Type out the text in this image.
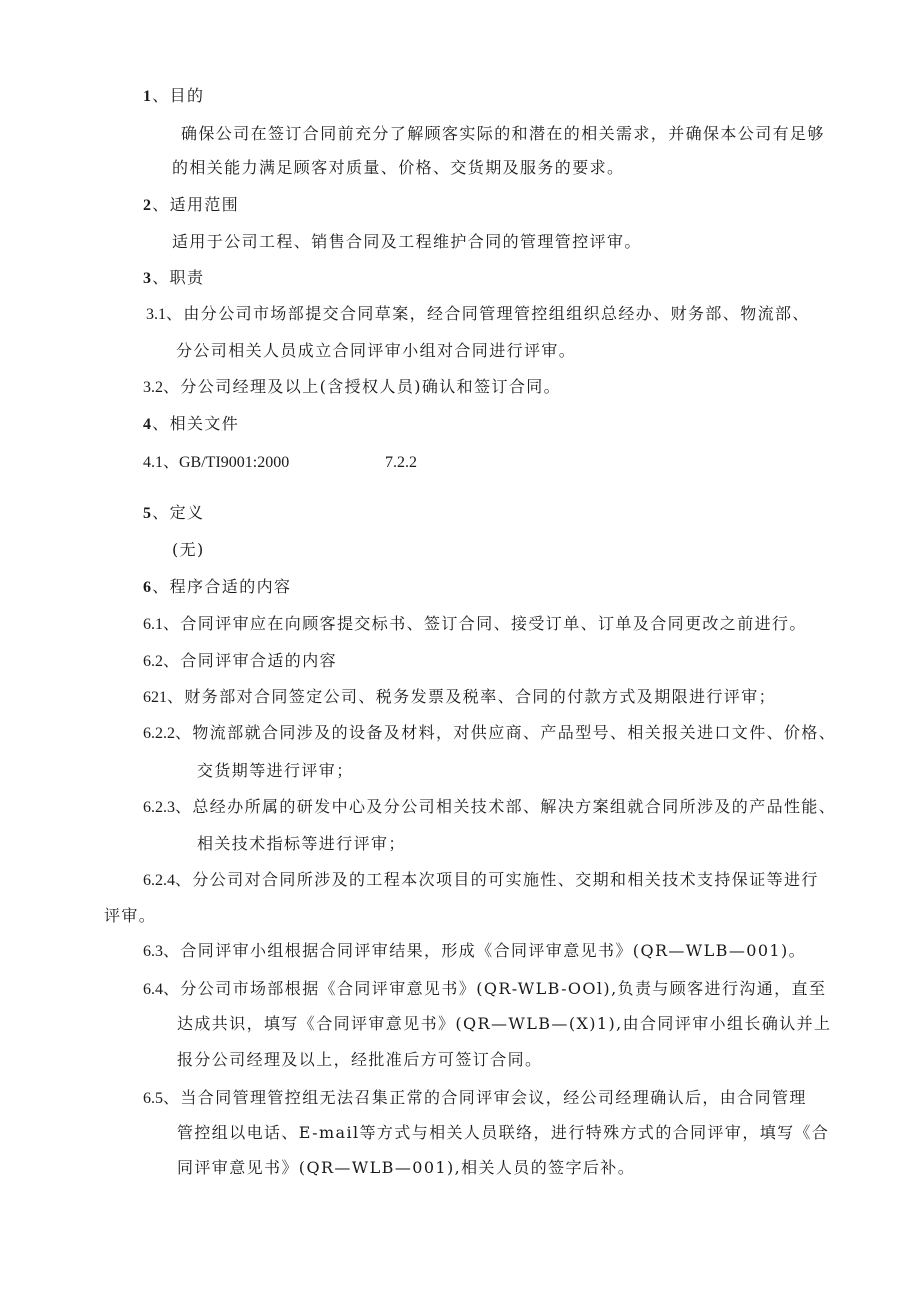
1、目的
确保公司在签订合同前充分了解顾客实际的和潜在的相关需求，并确保本公司有足够
的相关能力满足顾客对质量、价格、交货期及服务的要求。
2、适用范围
适用于公司工程、销售合同及工程维护合同的管理管控评审。
3、职责
3.1、由分公司市场部提交合同草案，经合同管理管控组组织总经办、财务部、物流部、
分公司相关人员成立合同评审小组对合同进行评审。
3.2、分公司经理及以上(含授权人员)确认和签订合同。
4、相关文件
4.1、GB/TI9001:2000	7.2.2
5、定义
(无)
6、程序合适的内容
6.1、合同评审应在向顾客提交标书、签订合同、接受订单、订单及合同更改之前进行。
6.2、合同评审合适的内容
621、财务部对合同签定公司、税务发票及税率、合同的付款方式及期限进行评审；
6.2.2、物流部就合同涉及的设备及材料，对供应商、产品型号、相关报关进口文件、价格、
交货期等进行评审；
6.2.3、总经办所属的研发中心及分公司相关技术部、解决方案组就合同所涉及的产品性能、
相关技术指标等进行评审；
6.2.4、分公司对合同所涉及的工程本次项目的可实施性、交期和相关技术支持保证等进行
评审。
6.3、合同评审小组根据合同评审结果，形成《合同评审意见书》(QR—WLB—001)。
6.4、分公司市场部根据《合同评审意见书》(QR-WLB-OOl),负责与顾客进行沟通，直至
达成共识，填写《合同评审意见书》(QR—WLB—(X)1),由合同评审小组长确认并上
报分公司经理及以上，经批准后方可签订合同。
6.5、当合同管理管控组无法召集正常的合同评审会议，经公司经理确认后，由合同管理
管控组以电话、E-mail等方式与相关人员联络，进行特殊方式的合同评审，填写《合
同评审意见书》(QR—WLB—001),相关人员的签字后补。
